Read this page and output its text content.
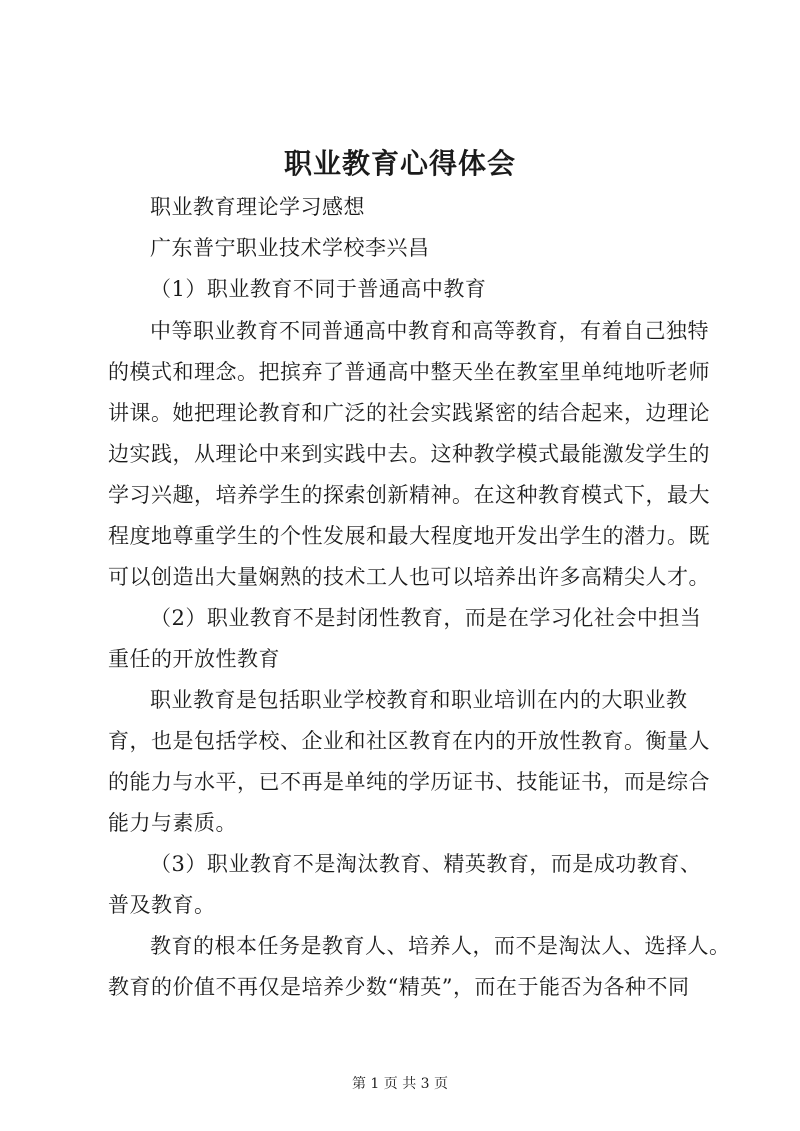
职业教育心得体会
职业教育理论学习感想
广东普宁职业技术学校李兴昌
（1）职业教育不同于普通高中教育
中等职业教育不同普通高中教育和高等教育，有着自己独特
的模式和理念。把摈弃了普通高中整天坐在教室里单纯地听老师
讲课。她把理论教育和广泛的社会实践紧密的结合起来，边理论
边实践，从理论中来到实践中去。这种教学模式最能激发学生的
学习兴趣，培养学生的探索创新精神。在这种教育模式下，最大
程度地尊重学生的个性发展和最大程度地开发出学生的潜力。既
可以创造出大量娴熟的技术工人也可以培养出许多高精尖人才。
（2）职业教育不是封闭性教育，而是在学习化社会中担当
重任的开放性教育
职业教育是包括职业学校教育和职业培训在内的大职业教
育，也是包括学校、企业和社区教育在内的开放性教育。衡量人
的能力与水平，已不再是单纯的学历证书、技能证书，而是综合
能力与素质。
（3）职业教育不是淘汰教育、精英教育，而是成功教育、
普及教育。
教育的根本任务是教育人、培养人，而不是淘汰人、选择人。
教育的价值不再仅是培养少数“精英”，而在于能否为各种不同
第 1 页 共 3 页
